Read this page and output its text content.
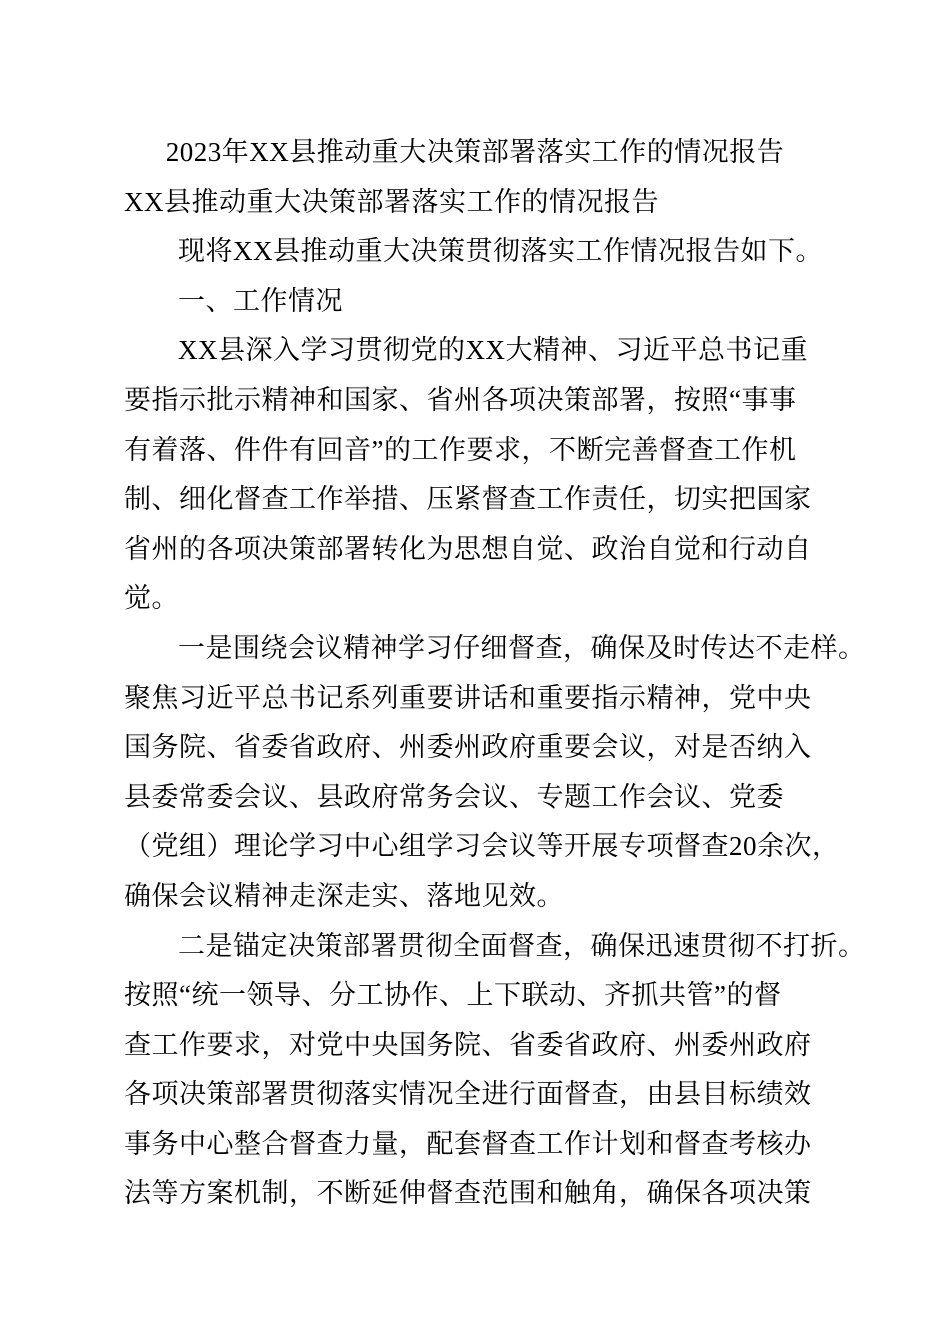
2023年XX县推动重大决策部署落实工作的情况报告
XX县推动重大决策部署落实工作的情况报告
现将XX县推动重大决策贯彻落实工作情况报告如下。
一、工作情况
XX县深入学习贯彻党的XX大精神、习近平总书记重
要指示批示精神和国家、省州各项决策部署，按照“事事
有着落、件件有回音”的工作要求，不断完善督查工作机
制、细化督查工作举措、压紧督查工作责任，切实把国家
省州的各项决策部署转化为思想自觉、政治自觉和行动自
觉。
一是围绕会议精神学习仔细督查，确保及时传达不走样。
聚焦习近平总书记系列重要讲话和重要指示精神，党中央
国务院、省委省政府、州委州政府重要会议，对是否纳入
县委常委会议、县政府常务会议、专题工作会议、党委
（党组）理论学习中心组学习会议等开展专项督查20余次，
确保会议精神走深走实、落地见效。
二是锚定决策部署贯彻全面督查，确保迅速贯彻不打折。
按照“统一领导、分工协作、上下联动、齐抓共管”的督
查工作要求，对党中央国务院、省委省政府、州委州政府
各项决策部署贯彻落实情况全进行面督查，由县目标绩效
事务中心整合督查力量，配套督查工作计划和督查考核办
法等方案机制，不断延伸督查范围和触角，确保各项决策
